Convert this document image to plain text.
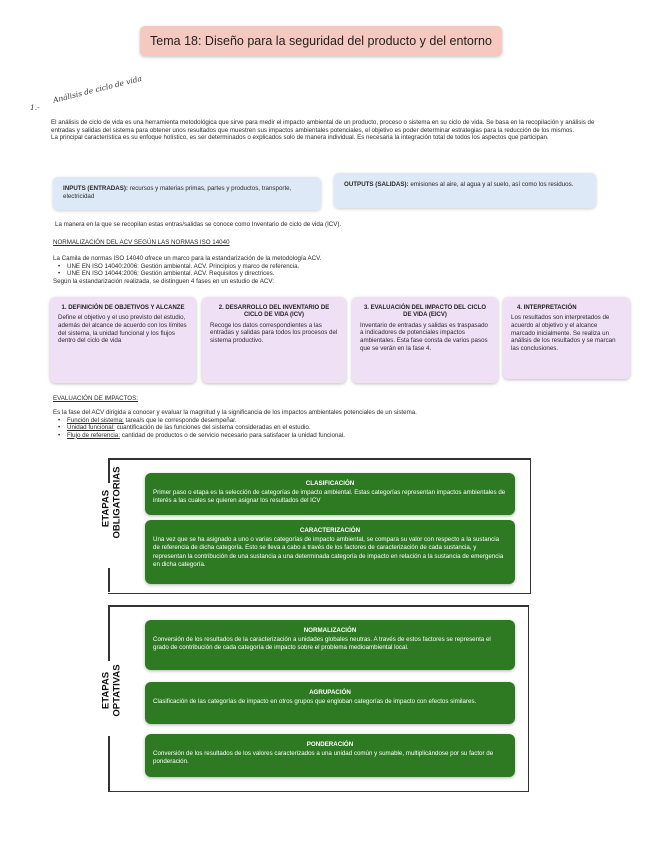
Tema 18: Diseño para la seguridad del producto y del entorno
1.-
Análisis de ciclo de vida
El análisis de ciclo de vida es una herramienta metodológica que sirve para medir el impacto ambiental de un producto, proceso o sistema en su ciclo de vida. Se basa en la recopilación y análisis de entradas y salidas del sistema para obtener unos resultados que muestren sus impactos ambientales potenciales, el objetivo es poder determinar estrategias para la reducción de los mismos.
La principal característica es su enfoque holístico, es ser determinados o explicados solo de manera individual. Es necesaria la integración total de todos los aspectos que participan.
INPUTS (ENTRADAS): recursos y materias primas, partes y productos, transporte, electricidad
OUTPUTS (SALIDAS): emisiones al aire, al agua y al suelo, así como los residuos.
La manera en la que se recopilan estas entras/salidas se conoce como Inventario de ciclo de vida (ICV).
NORMALIZACIÓN DEL ACV SEGÚN LAS NORMAS ISO 14040
La Camila de normas ISO 14040 ofrece un marco para la estandarización de la metodología ACV.
• UNE EN ISO 14040:2006: Gestión ambiental. ACV. Principios y marco de referencia.
• UNE EN ISO 14044:2006: Gestión ambiental. ACV. Requisitos y directrices.
Según la estandarización realizada, se distinguen 4 fases en un estudio de ACV:
1. DEFINICIÓN DE OBJETIVOS Y ALCANZE
Define el objetivo y el uso previsto del estudio, además del alcance de acuerdo con los límites del sistema, la unidad funcional y los flujos dentro del ciclo de vida
2. DESARROLLO DEL INVENTARIO DE CICLO DE VIDA (ICV)
Recoge los datos correspondientes a las entradas y salidas para todos los procesos del sistema productivo.
3. EVALUACIÓN DEL IMPACTO DEL CICLO DE VIDA (EICV)
Inventario de entradas y salidas es traspasado a indicadores de potenciales impactos ambientales. Esta fase consta de varios pasos que se verán en la fase 4.
4. INTERPRETACIÓN
Los resultados son interpretados de acuerdo al objetivo y el alcance marcado inicialmente. Se realiza un análisis de los resultados y se marcan las conclusiones.
EVALUACIÓN DE IMPACTOS:
Es la fase del ACV dirigida a conocer y evaluar la magnitud y la significancia de los impactos ambientales potenciales de un sistema.
• Función del sistema: tarea/s que le corresponde desempeñar.
• Unidad funcional: cuantificación de las funciones del sistema consideradas en el estudio.
• Flujo de referencia: cantidad de productos o de servicio necesario para satisfacer la unidad funcional.
ETAPAS OBLIGATORIAS	CLASIFICACIÓN
Primer paso o etapa es la selección de categorías de impacto ambiental. Estas categorías representan impactos ambientales de interés a las cuales se quieren asignar los resultados del ICV
CARACTERIZACIÓN
Una vez que se ha asignado a uno o varias categorías de impacto ambiental, se compara su valor con respecto a la sustancia de referencia de dicha categoría. Esto se lleva a cabo a través de los factores de caracterización de cada sustancia, y representan la contribución de una sustancia a una determinada categoría de impacto en relación a la sustancia de emergencia en dicha categoría.
ETAPAS OPTATIVAS
NORMALIZACIÓN
Conversión de los resultados de la caracterización a unidades globales neutras. A través de estos factores se representa el grado de contribución de cada categoría de impacto sobre el problema medioambiental local.
AGRUPACIÓN
Clasificación de las categorías de impacto en otros grupos que engloban categorías de impacto con efectos similares.
PONDERACIÓN
Conversión de los resultados de los valores caracterizados a una unidad común y sumable, multiplicándose por su factor de ponderación.
